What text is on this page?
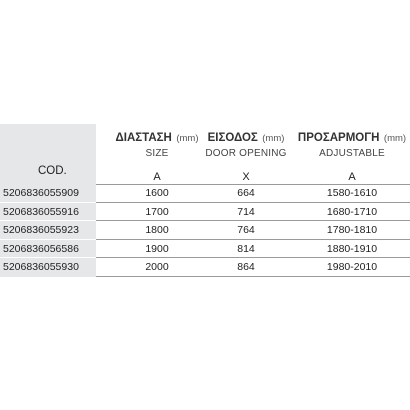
COD.
ΔΙΑΣΤΑΣΗ (mm)
SIZE
A
ΕΙΣΟΔΟΣ (mm)
DOOR OPENING
X
ΠΡΟΣΑΡΜΟΓΗ (mm)
ADJUSTABLE
A
5206836055909	1600	664	1580-1610
5206836055916	1700	714	1680-1710
5206836055923	1800	764	1780-1810
5206836056586	1900	814	1880-1910
5206836055930	2000	864	1980-2010
